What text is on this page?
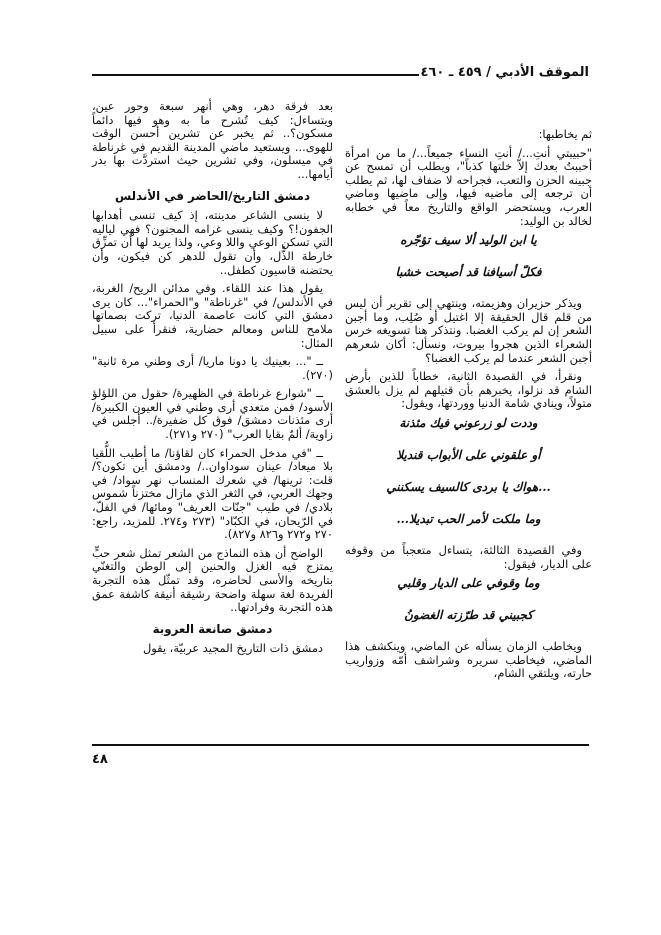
الموقف الأدبي / ٤٥٩ ـ ٤٦٠

ثم يخاطبها:

"حبيبتي أنتِ.../ أنتِ النساء جميعاً.../ ما من امرأة أحببتُ بعدك إلاّ خلتها كذباً"، ويطلب أن تمسح عن جبينه الحزن والتعب، فجراحه لا ضفاف لها، ثم يطلب أن ترجعه إلى ماضيه فيها، وإلى ماضيها وماضي العرب، ويستحضر الواقع والتاريخ معاً في خطابه لخالد بن الوليد:

يا ابن الوليد ألا سيف تؤجّره
فكلّ أسيافنا قد أصبحت خشبا

ويذكر حزيران وهزيمته، وينتهي إلى تقرير أن ليس من قلم قال الحقيقة إلا اغتيل أو صُلِب، وما أجبن الشعر إن لم يركب الغضبا. ونتذكر هنا تسويغه خرس الشعراء الذين هجروا بيروت، ونسأل: أكان شعرهم أجبن الشعر عندما لم يركب الغضبا؟

ونقرأ، في القصيدة الثانية، خطاباً للذين بأرض الشام قد نزلوا، يخبرهم بأن قتيلهم لم يزل بالعشق متولاً، وينادي شامة الدنيا ووردتها، ويقول:

وددت لو زرعوني فيك مئذنة
أو علقوني على الأبواب قنديلا
...هواك يا بردى كالسيف يسكنني
وما ملكت لأمر الحب تبديلا...

وفي القصيدة الثالثة، يتساءل متعجباً من وقوفه على الديار، فيقول:

وما وقوفي على الديار وقلبي
كجبيني قد طرّزته الغضونُ

ويخاطب الزمان يسأله عن الماضي، وينكشف هذا الماضي، فيخاطب سريره وشراشف أمّه وزواريب حارته، ويلتقي الشام،

بعد فرقة دهر، وهي أنهر سبعة وحور عين، ويتساءل: كيف تُشرح ما به وهو فيها دائماً مسكون؟.. ثم يخبر عن تشرين أحسن الوقت للهوى... ويستعيد ماضي المدينة القديم في غرناطة في ميسلون، وفي تشرين حيث استردَّت بها بدر أيامها...

دمشق التاريخ/الحاضر في الأندلس

لا ينسى الشاعر مدينته، إذ كيف تنسى أهدابها الجفون!؟ وكيف ينسى غرامه المجنون؟ فهي لياليه التي تسكن الوعي واللا وعي، ولذا يريد لها أن تمزِّق خارطة الذُّل، وأن تقول للدهر كن فيكون، وأن يحتضنه قاسيون كطفل..

يقول هذا عند اللقاء. وفي مدائن الريح/ الغربة، في الأندلس/ في "غرناطة" و"الحمراء"... كان يرى دمشق التي كانت عاصمة الدنيا، تركت بصماتها ملامح للناس ومعالم حضارية، فنقرأ على سبيل المثال:

ــ "... بعينيك يا دونا ماريا/ أرى وطني مرة ثانية" (٢٧٠).

ــ "شوارع غرناطة في الظهيرة/ حقول من اللؤلؤ الأسود/ فمن متعدي أرى وطني في العيون الكبيرة/ أرى مئذنات دمشق/ فوق كل ضفيرة/.. أجلس في زاوية/ ألمٌ بقايا العرب" (٢٧٠ و٢٧١).

ــ "في مدخل الحمراء كان لقاؤنا/ ما أطيب اللُّقيا بلا ميعاد/ عينان سوداوان../ ودمشق أين تكون؟/ قلت: ترينها/ في شعرك المنساب نهر سواد/ في وجهك العربي، في الثغر الذي مازال مختزناً شموس بلادي/ في طيب "جنّات العريف" ومائها/ في الفلّ، في الرّيحان، في الكبّاد" (٢٧٣ و٢٧٤. للمزيد، راجع: ٢٧٠ و٢٧٢ و٨٢٦ و٨٢٧).

الواضح أن هذه النماذج من الشعر تمثل شعر حبٍّ يمتزج فيه الغزل والحنين إلى الوطن والتغنّي بتاريخه والأسى لحاضره، وقد تمثّل هذه التجربة الفريدة لغة سهلة واضحة رشيقة أنيقة كاشفة عمق هذه التجربة وفرادتها..

دمشق صانعة العروبة

دمشق ذات التاريخ المجيد عربيّة، يقول

٤٨
